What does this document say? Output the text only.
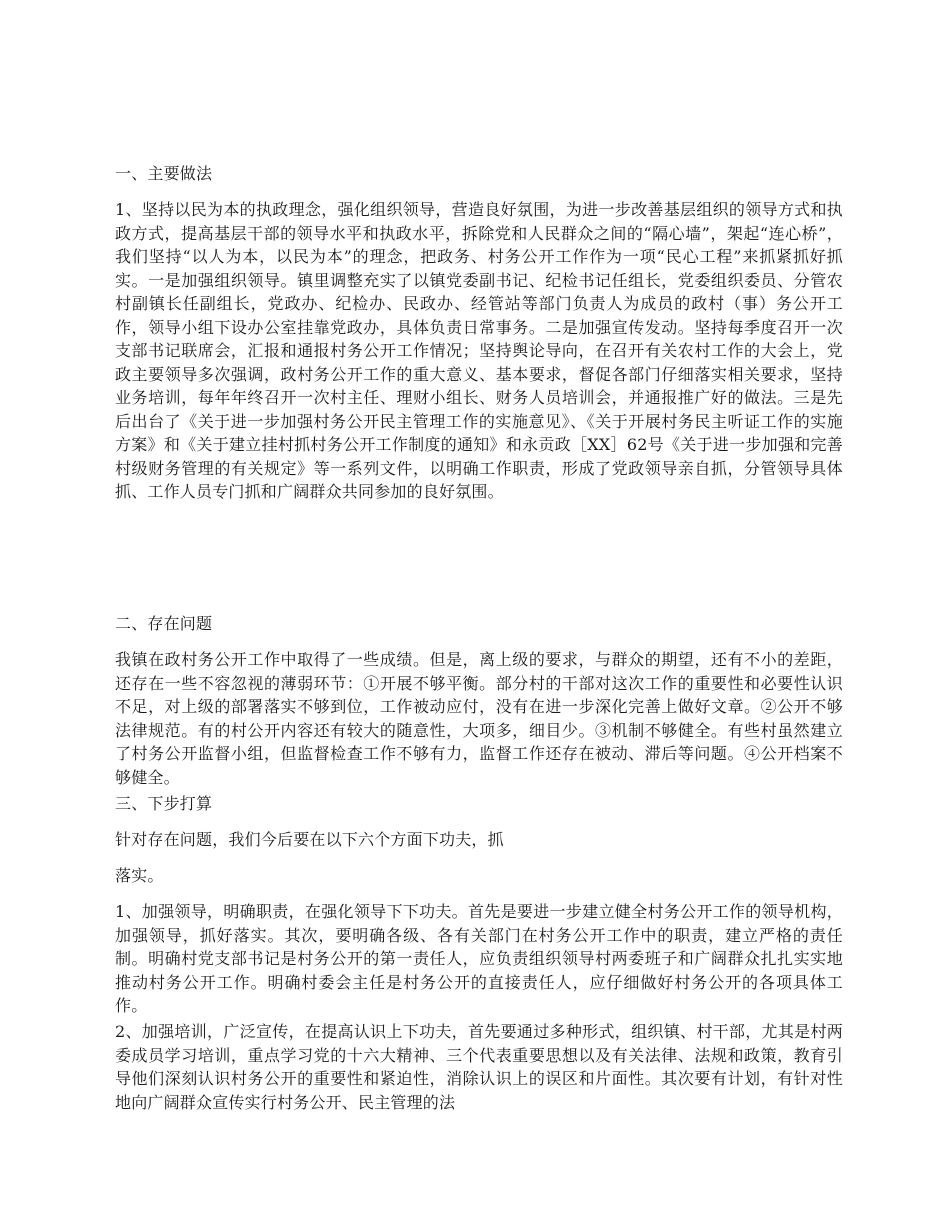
一、主要做法

1、坚持以民为本的执政理念，强化组织领导，营造良好氛围，为进一步改善基层组织的领导方式和执政方式，提高基层干部的领导水平和执政水平，拆除党和人民群众之间的“隔心墙”，架起“连心桥”，我们坚持“以人为本，以民为本”的理念，把政务、村务公开工作作为一项“民心工程”来抓紧抓好抓实。一是加强组织领导。镇里调整充实了以镇党委副书记、纪检书记任组长，党委组织委员、分管农村副镇长任副组长，党政办、纪检办、民政办、经管站等部门负责人为成员的政村（事）务公开工作，领导小组下设办公室挂靠党政办，具体负责日常事务。二是加强宣传发动。坚持每季度召开一次支部书记联席会，汇报和通报村务公开工作情况；坚持舆论导向，在召开有关农村工作的大会上，党政主要领导多次强调，政村务公开工作的重大意义、基本要求，督促各部门仔细落实相关要求，坚持业务培训，每年年终召开一次村主任、理财小组长、财务人员培训会，并通报推广好的做法。三是先后出台了《关于进一步加强村务公开民主管理工作的实施意见》、《关于开展村务民主听证工作的实施方案》和《关于建立挂村抓村务公开工作制度的通知》和永贡政［XX］62号《关于进一步加强和完善村级财务管理的有关规定》等一系列文件，以明确工作职责，形成了党政领导亲自抓，分管领导具体抓、工作人员专门抓和广阔群众共同参加的良好氛围。

二、存在问题

我镇在政村务公开工作中取得了一些成绩。但是，离上级的要求，与群众的期望，还有不小的差距，还存在一些不容忽视的薄弱环节：①开展不够平衡。部分村的干部对这次工作的重要性和必要性认识不足，对上级的部署落实不够到位，工作被动应付，没有在进一步深化完善上做好文章。②公开不够法律规范。有的村公开内容还有较大的随意性，大项多，细目少。③机制不够健全。有些村虽然建立了村务公开监督小组，但监督检查工作不够有力，监督工作还存在被动、滞后等问题。④公开档案不够健全。

三、下步打算

针对存在问题，我们今后要在以下六个方面下功夫，抓

落实。

1、加强领导，明确职责，在强化领导下下功夫。首先是要进一步建立健全村务公开工作的领导机构，加强领导，抓好落实。其次，要明确各级、各有关部门在村务公开工作中的职责，建立严格的责任制。明确村党支部书记是村务公开的第一责任人，应负责组织领导村两委班子和广阔群众扎扎实实地推动村务公开工作。明确村委会主任是村务公开的直接责任人，应仔细做好村务公开的各项具体工作。

2、加强培训，广泛宣传，在提高认识上下功夫，首先要通过多种形式，组织镇、村干部，尤其是村两委成员学习培训，重点学习党的十六大精神、三个代表重要思想以及有关法律、法规和政策，教育引导他们深刻认识村务公开的重要性和紧迫性，消除认识上的误区和片面性。其次要有计划，有针对性地向广阔群众宣传实行村务公开、民主管理的法
